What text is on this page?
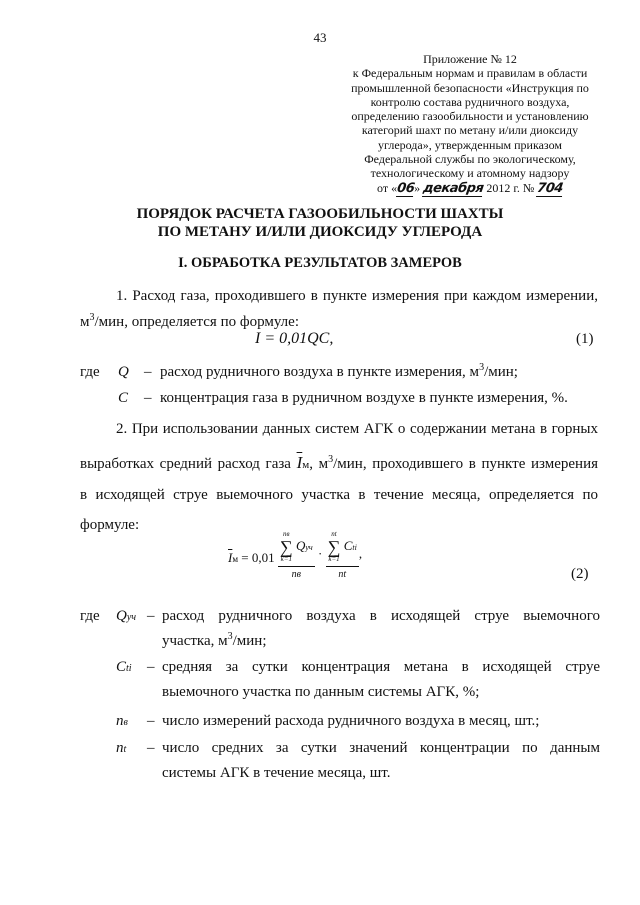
43
Приложение № 12
к Федеральным нормам и правилам в области
промышленной безопасности «Инструкция по
контролю состава рудничного воздуха,
определению газообильности и установлению
категорий шахт по метану и/или диоксиду
углерода», утвержденным приказом
Федеральной службы по экологическому,
технологическому и атомному надзору
от «06» декабря 2012 г. № 704
ПОРЯДОК РАСЧЕТА ГАЗООБИЛЬНОСТИ ШАХТЫ
ПО МЕТАНУ И/ИЛИ ДИОКСИДУ УГЛЕРОДА
I. ОБРАБОТКА РЕЗУЛЬТАТОВ ЗАМЕРОВ
1. Расход газа, проходившего в пункте измерения при каждом измерении,
$м^3$/мин, определяется по формуле:
I = 0,01QC,	(1)
где Q – расход рудничного воздуха в пункте измерения, $м^3$/мин;
C – концентрация газа в рудничном воздухе в пункте измерения, %.
2. При использовании данных систем АГК о содержании метана в горных
выработках средний расход газа $\overline{I}м$, $м^3$/мин, проходившего в пункте измерения
в исходящей струе выемочного участка в течение месяца, определяется по
формуле:
$\overline{I}м = 0,01$ nв
∑
k=1
Qуч
nв · nt
∑
k=1
Cti
nt ,
(2)
где Qуч – расход рудничного воздуха в исходящей струе выемочного
участка, $м^3$/мин;
Cti – средняя за сутки концентрация метана в исходящей струе
выемочного участка по данным системы АГК, %;
nв – число измерений расхода рудничного воздуха в месяц, шт.;
nt – число средних за сутки значений концентрации по данным
системы АГК в течение месяца, шт.
